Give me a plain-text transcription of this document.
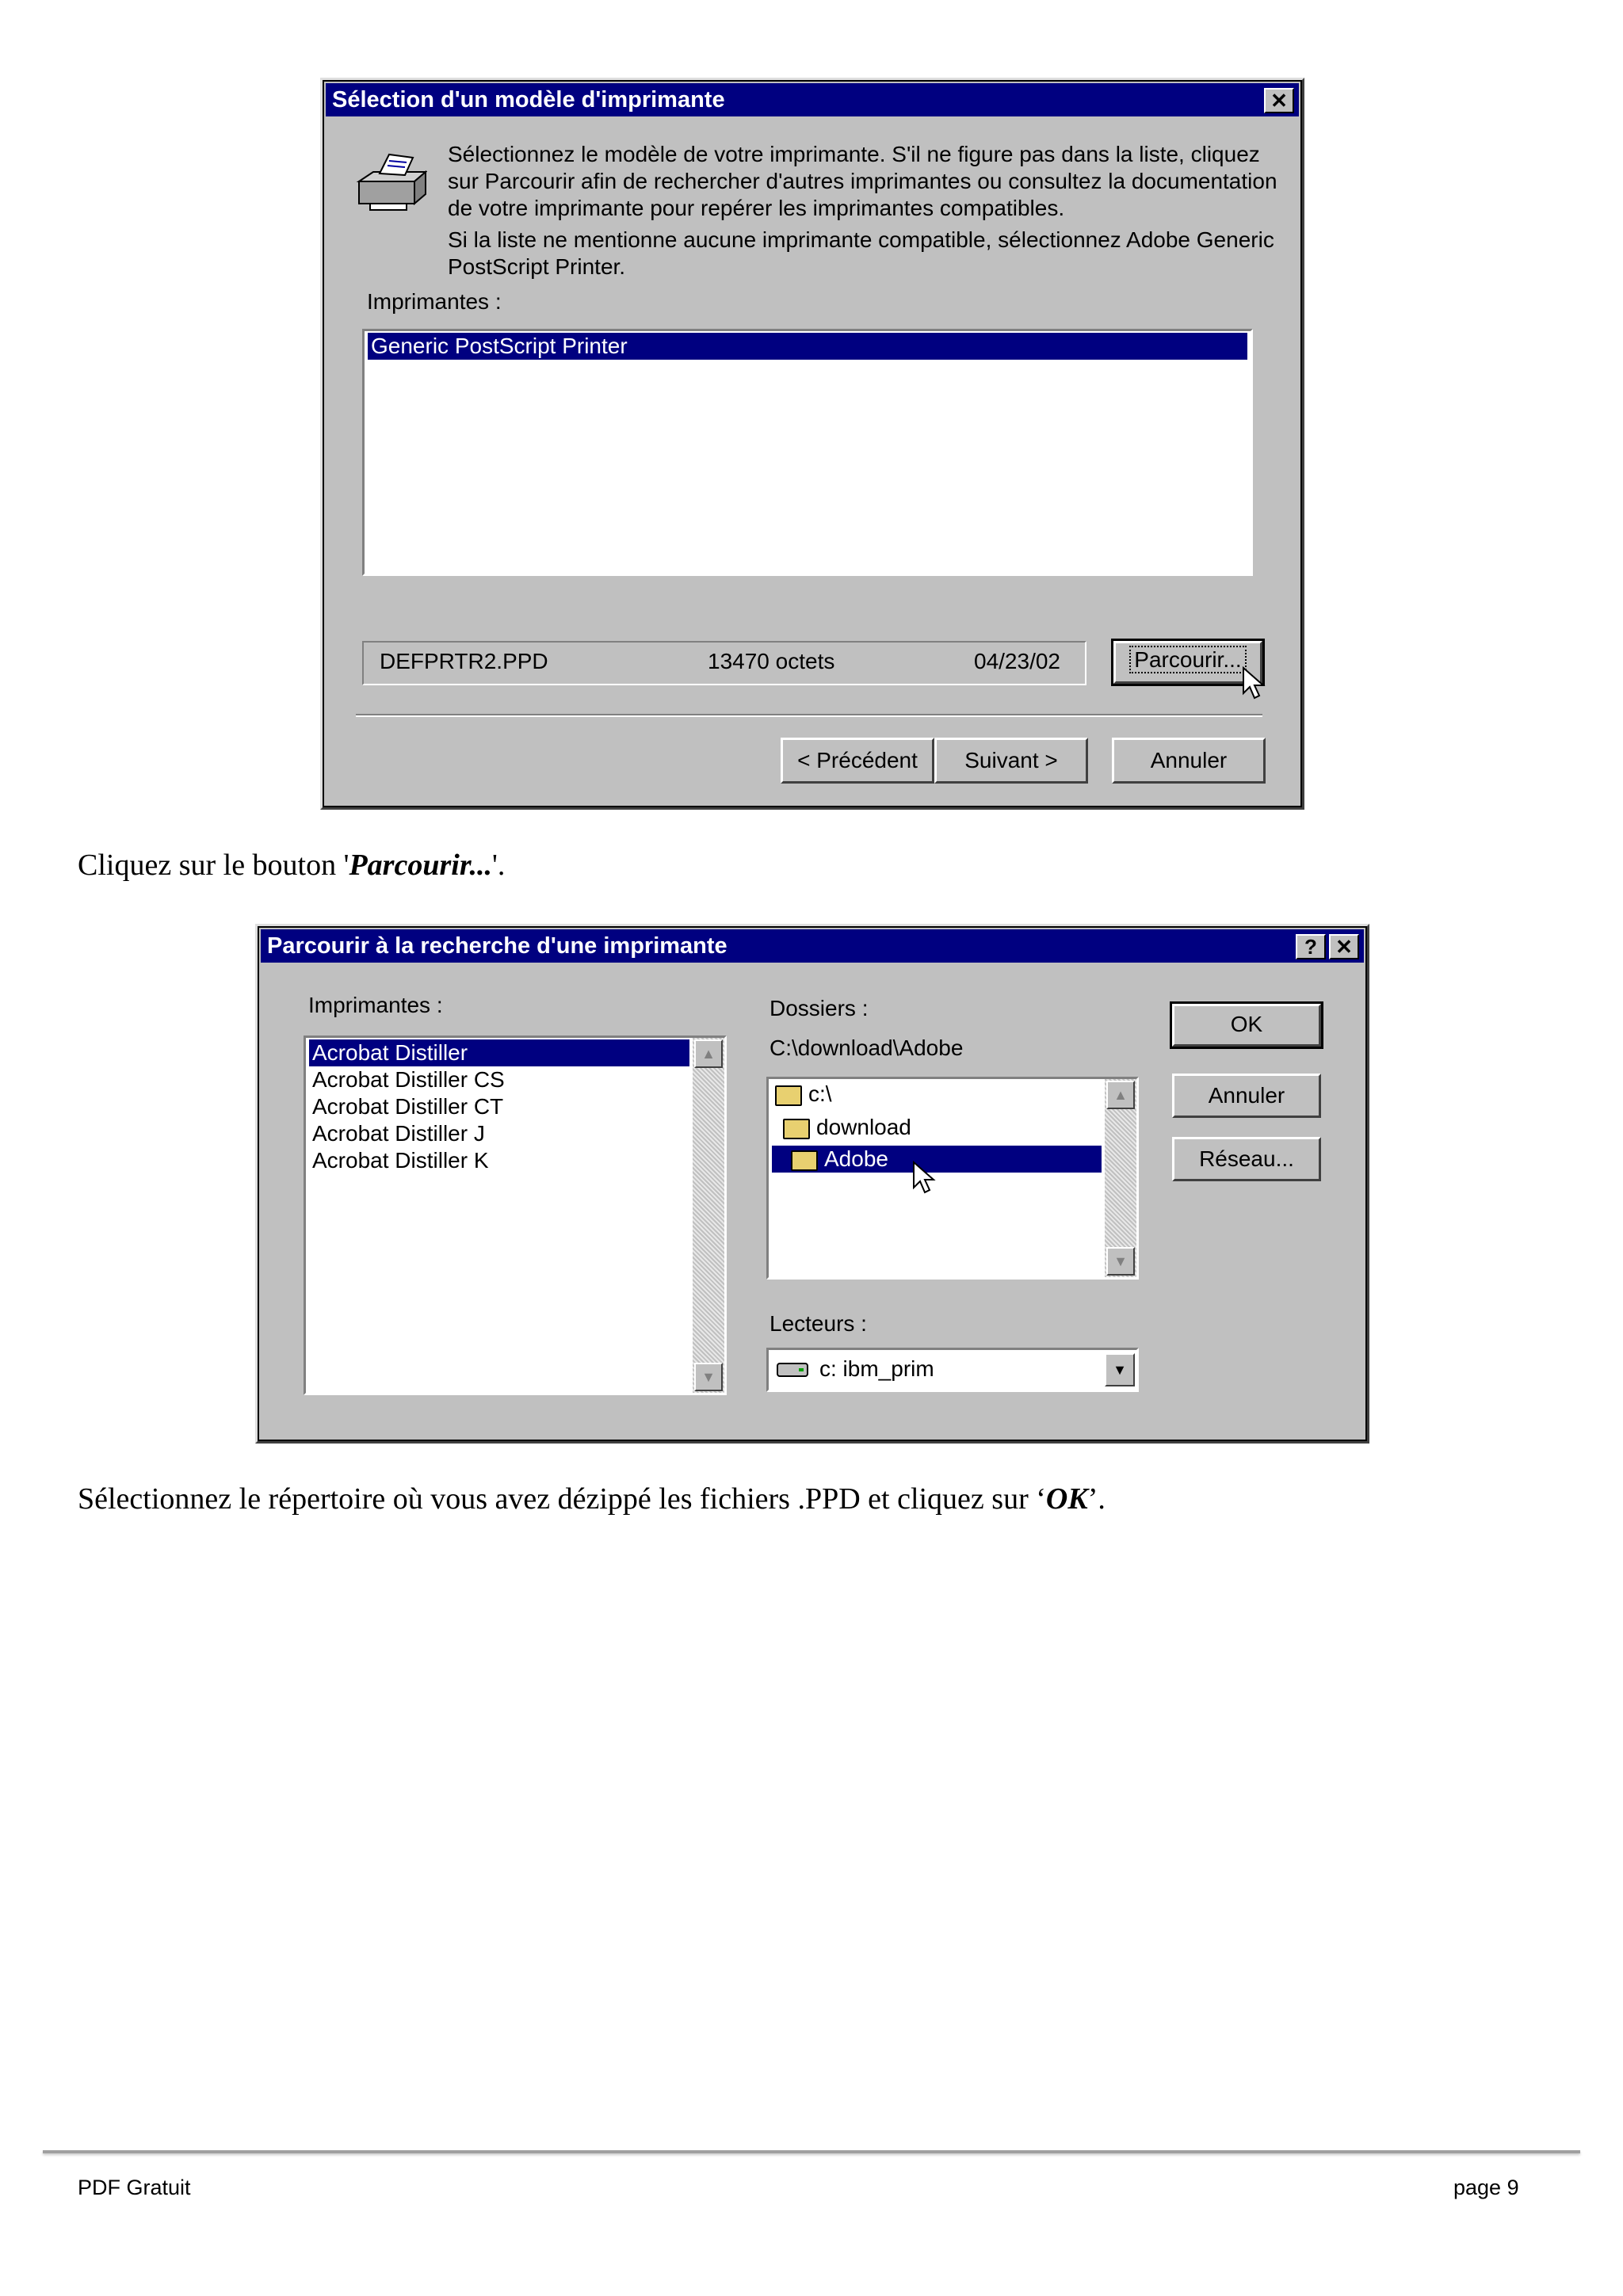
Sélection d'un modèle d'imprimante	✕
Sélectionnez le modèle de votre imprimante. S'il ne figure pas dans la liste, cliquez
sur Parcourir afin de rechercher d'autres imprimantes ou consultez la documentation
de votre imprimante pour repérer les imprimantes compatibles.
Si la liste ne mentionne aucune imprimante compatible, sélectionnez Adobe Generic
PostScript Printer.
Imprimantes :
Generic PostScript Printer
DEFPRTR2.PPD	13470 octets	04/23/02	Parcourir...
< Précédent	Suivant >	Annuler
Cliquez sur le bouton 'Parcourir...'.
Parcourir à la recherche d'une imprimante	? ✕
Imprimantes :
Acrobat Distiller
Acrobat Distiller CS
Acrobat Distiller CT
Acrobat Distiller J
Acrobat Distiller K
▲
▼
Dossiers :
C:\download\Adobe
c:\
download
Adobe
▲
▼
Lecteurs :
c: ibm_prim	▼
OK
Annuler
Réseau...
Sélectionnez le répertoire où vous avez dézippé les fichiers .PPD et cliquez sur ‘OK’.
PDF Gratuit	page 9
